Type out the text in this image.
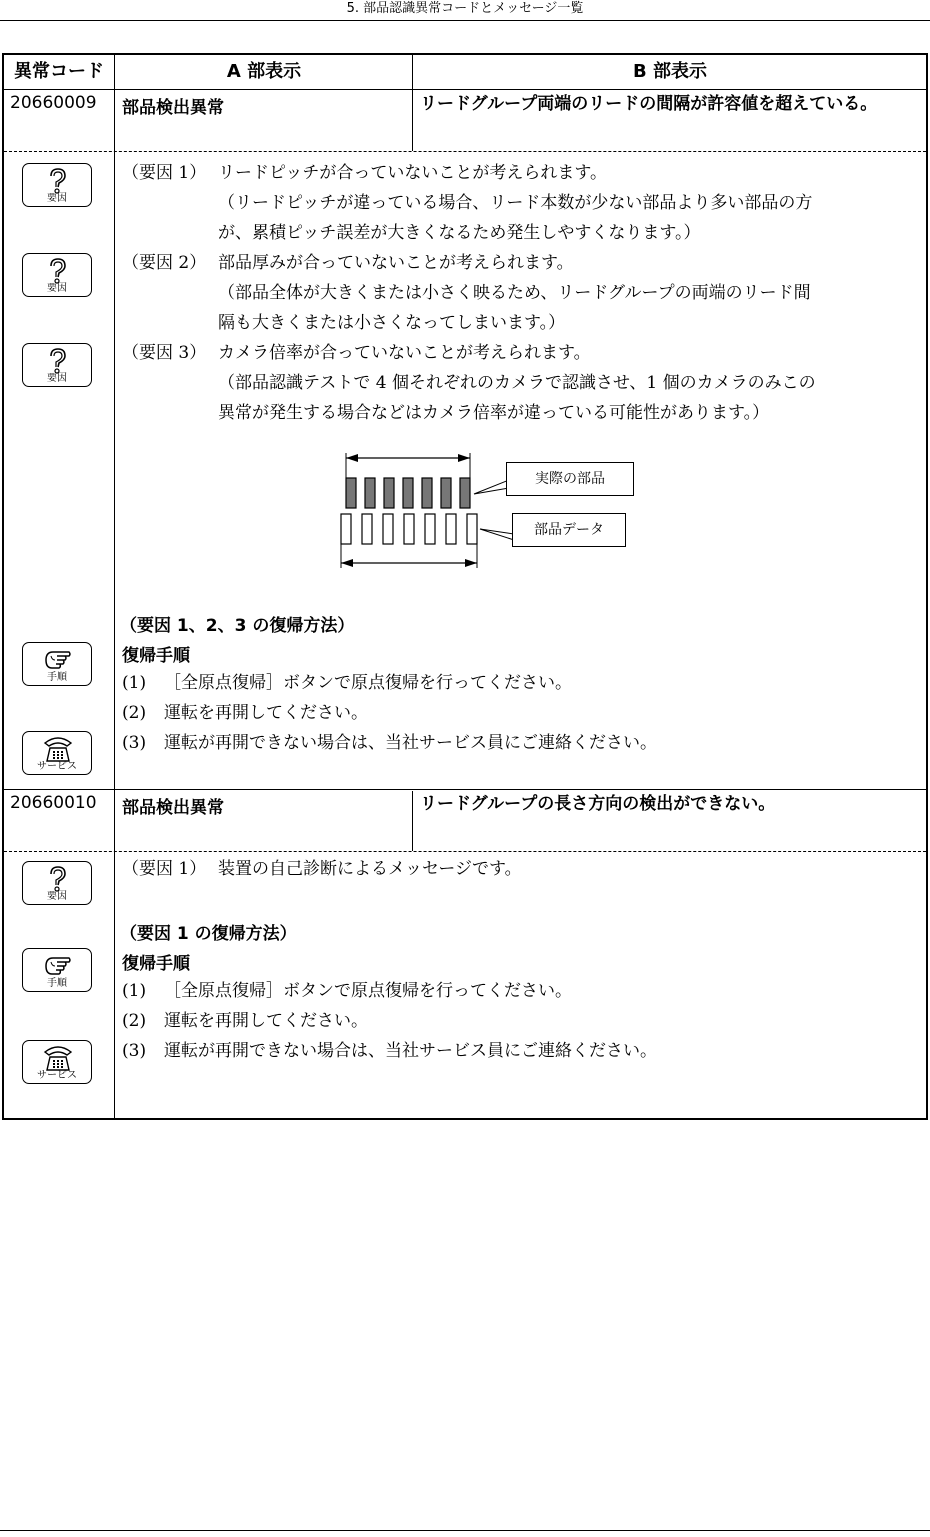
5. 部品認識異常コードとメッセージ一覧
異常コード	A 部表示	B 部表示
20660009 部品検出異常	リードグループ両端のリードの間隔が許容値を超えている。
要因
要因
要因
（要因 1） リードピッチが合っていないことが考えられます。
（リードピッチが違っている場合、リード本数が少ない部品より多い部品の方
が、累積ピッチ誤差が大きくなるため発生しやすくなります。）
（要因 2） 部品厚みが合っていないことが考えられます。
（部品全体が大きくまたは小さく映るため、リードグループの両端のリード間
隔も大きくまたは小さくなってしまいます。）
（要因 3） カメラ倍率が合っていないことが考えられます。
（部品認識テストで 4 個それぞれのカメラで認識させ、1 個のカメラのみこの
異常が発生する場合などはカメラ倍率が違っている可能性があります。）
実際の部品
部品データ
（要因 1、2、3 の復帰方法）
復帰手順
(1) ［全原点復帰］ボタンで原点復帰を行ってください。
(2) 運転を再開してください。
(3) 運転が再開できない場合は、当社サービス員にご連絡ください。
手順
サービス
20660010 部品検出異常	リードグループの長さ方向の検出ができない。
要因
（要因 1） 装置の自己診断によるメッセージです。
（要因 1 の復帰方法）
復帰手順
(1) ［全原点復帰］ボタンで原点復帰を行ってください。
(2) 運転を再開してください。
(3) 運転が再開できない場合は、当社サービス員にご連絡ください。
手順
サービス
